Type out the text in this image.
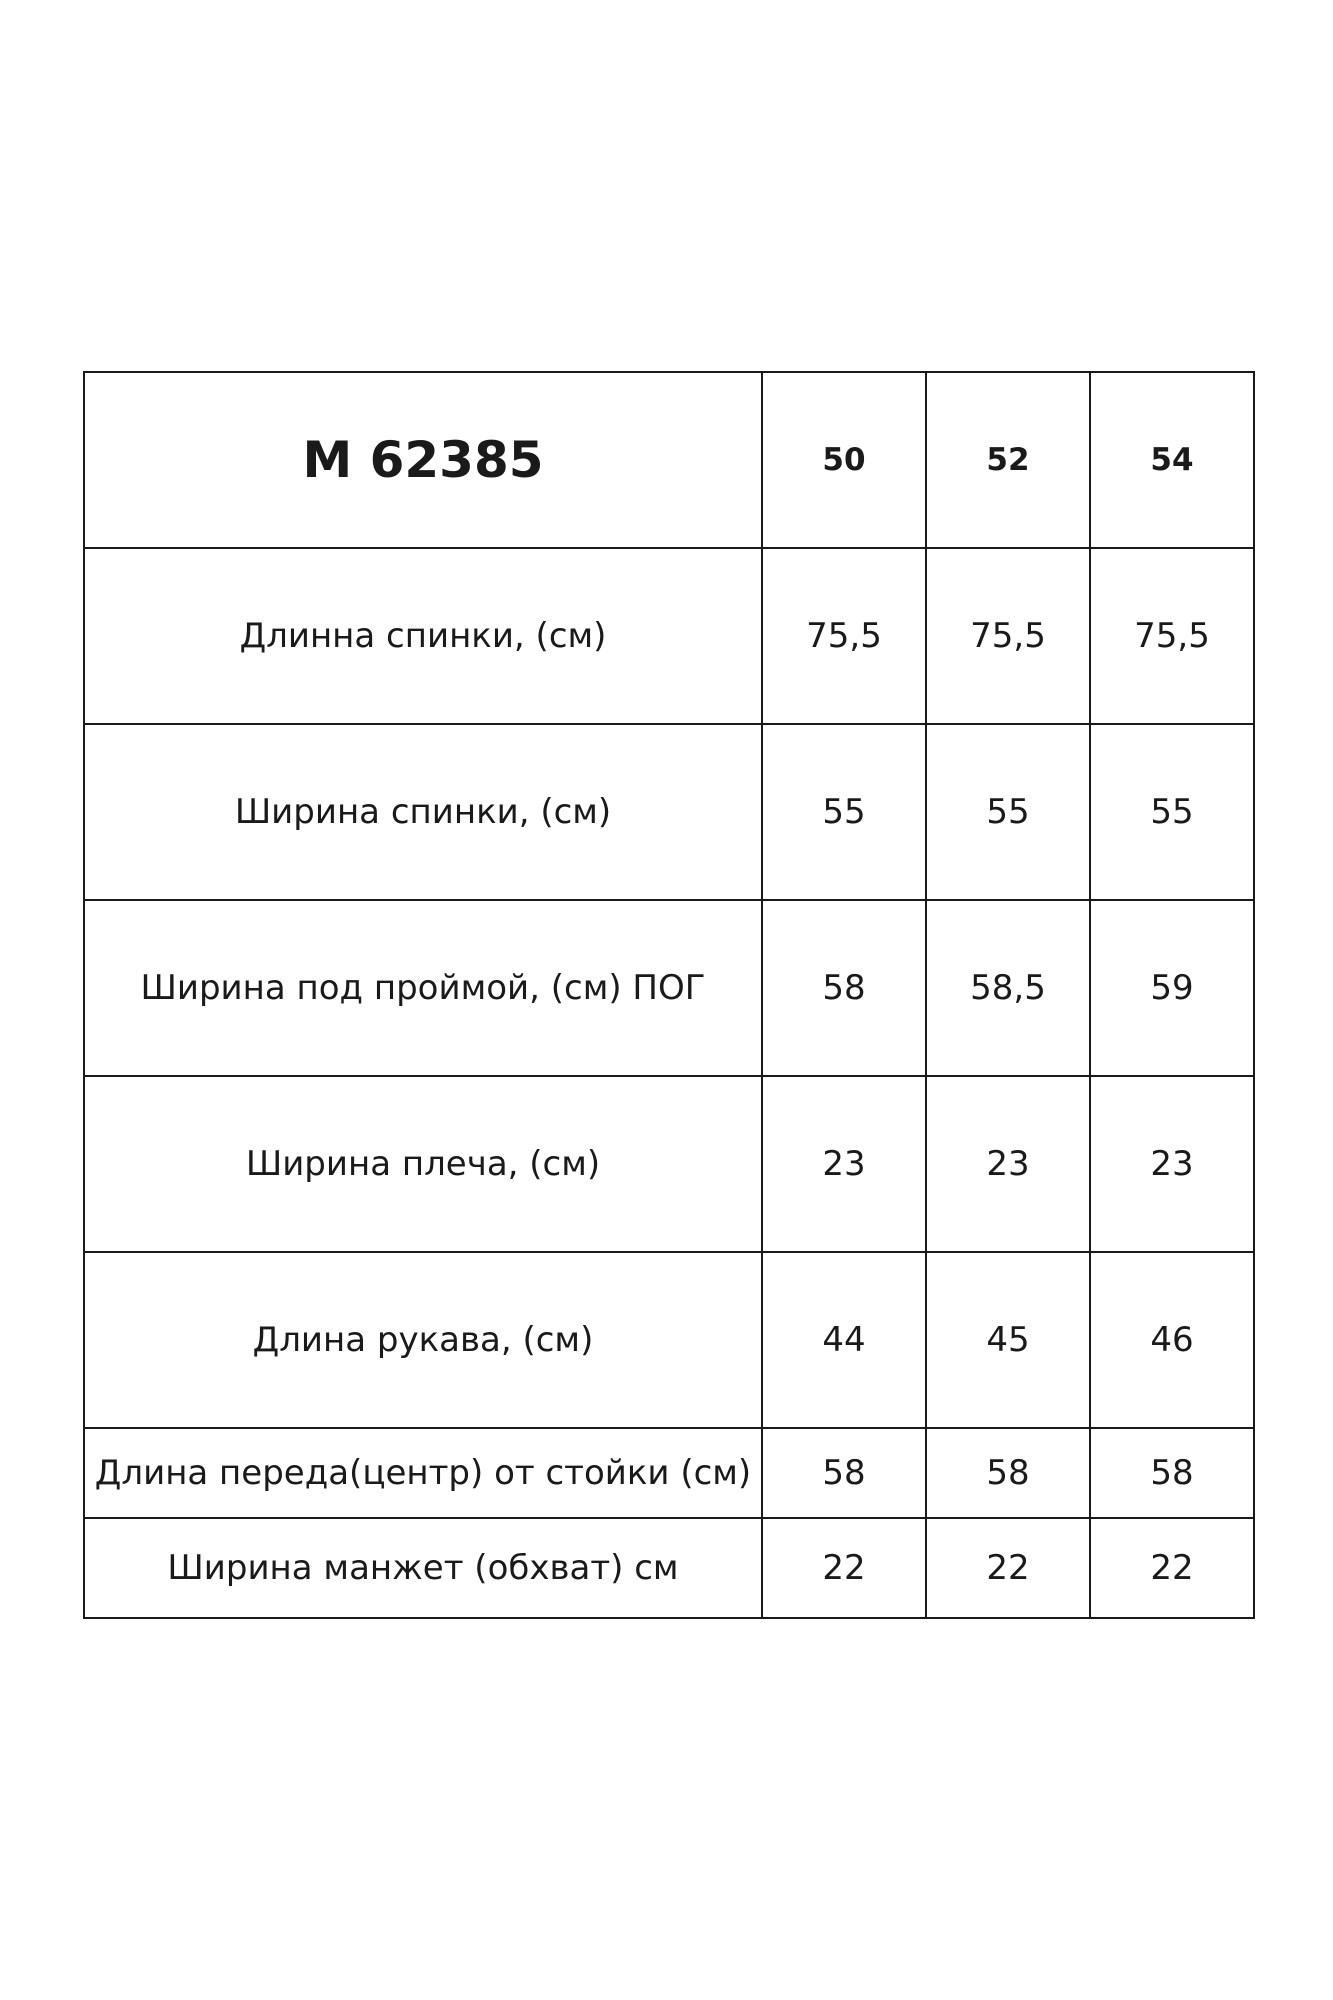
M 62385	50	52	54
Длинна спинки, (см)	75,5	75,5	75,5
Ширина спинки, (см)	55	55	55
Ширина под проймой, (см) ПОГ	58	58,5	59
Ширина плеча, (см)	23	23	23
Длина рукава, (см)	44	45	46
Длина переда(центр) от стойки (см)	58	58	58
Ширина манжет (обхват) см	22	22	22
